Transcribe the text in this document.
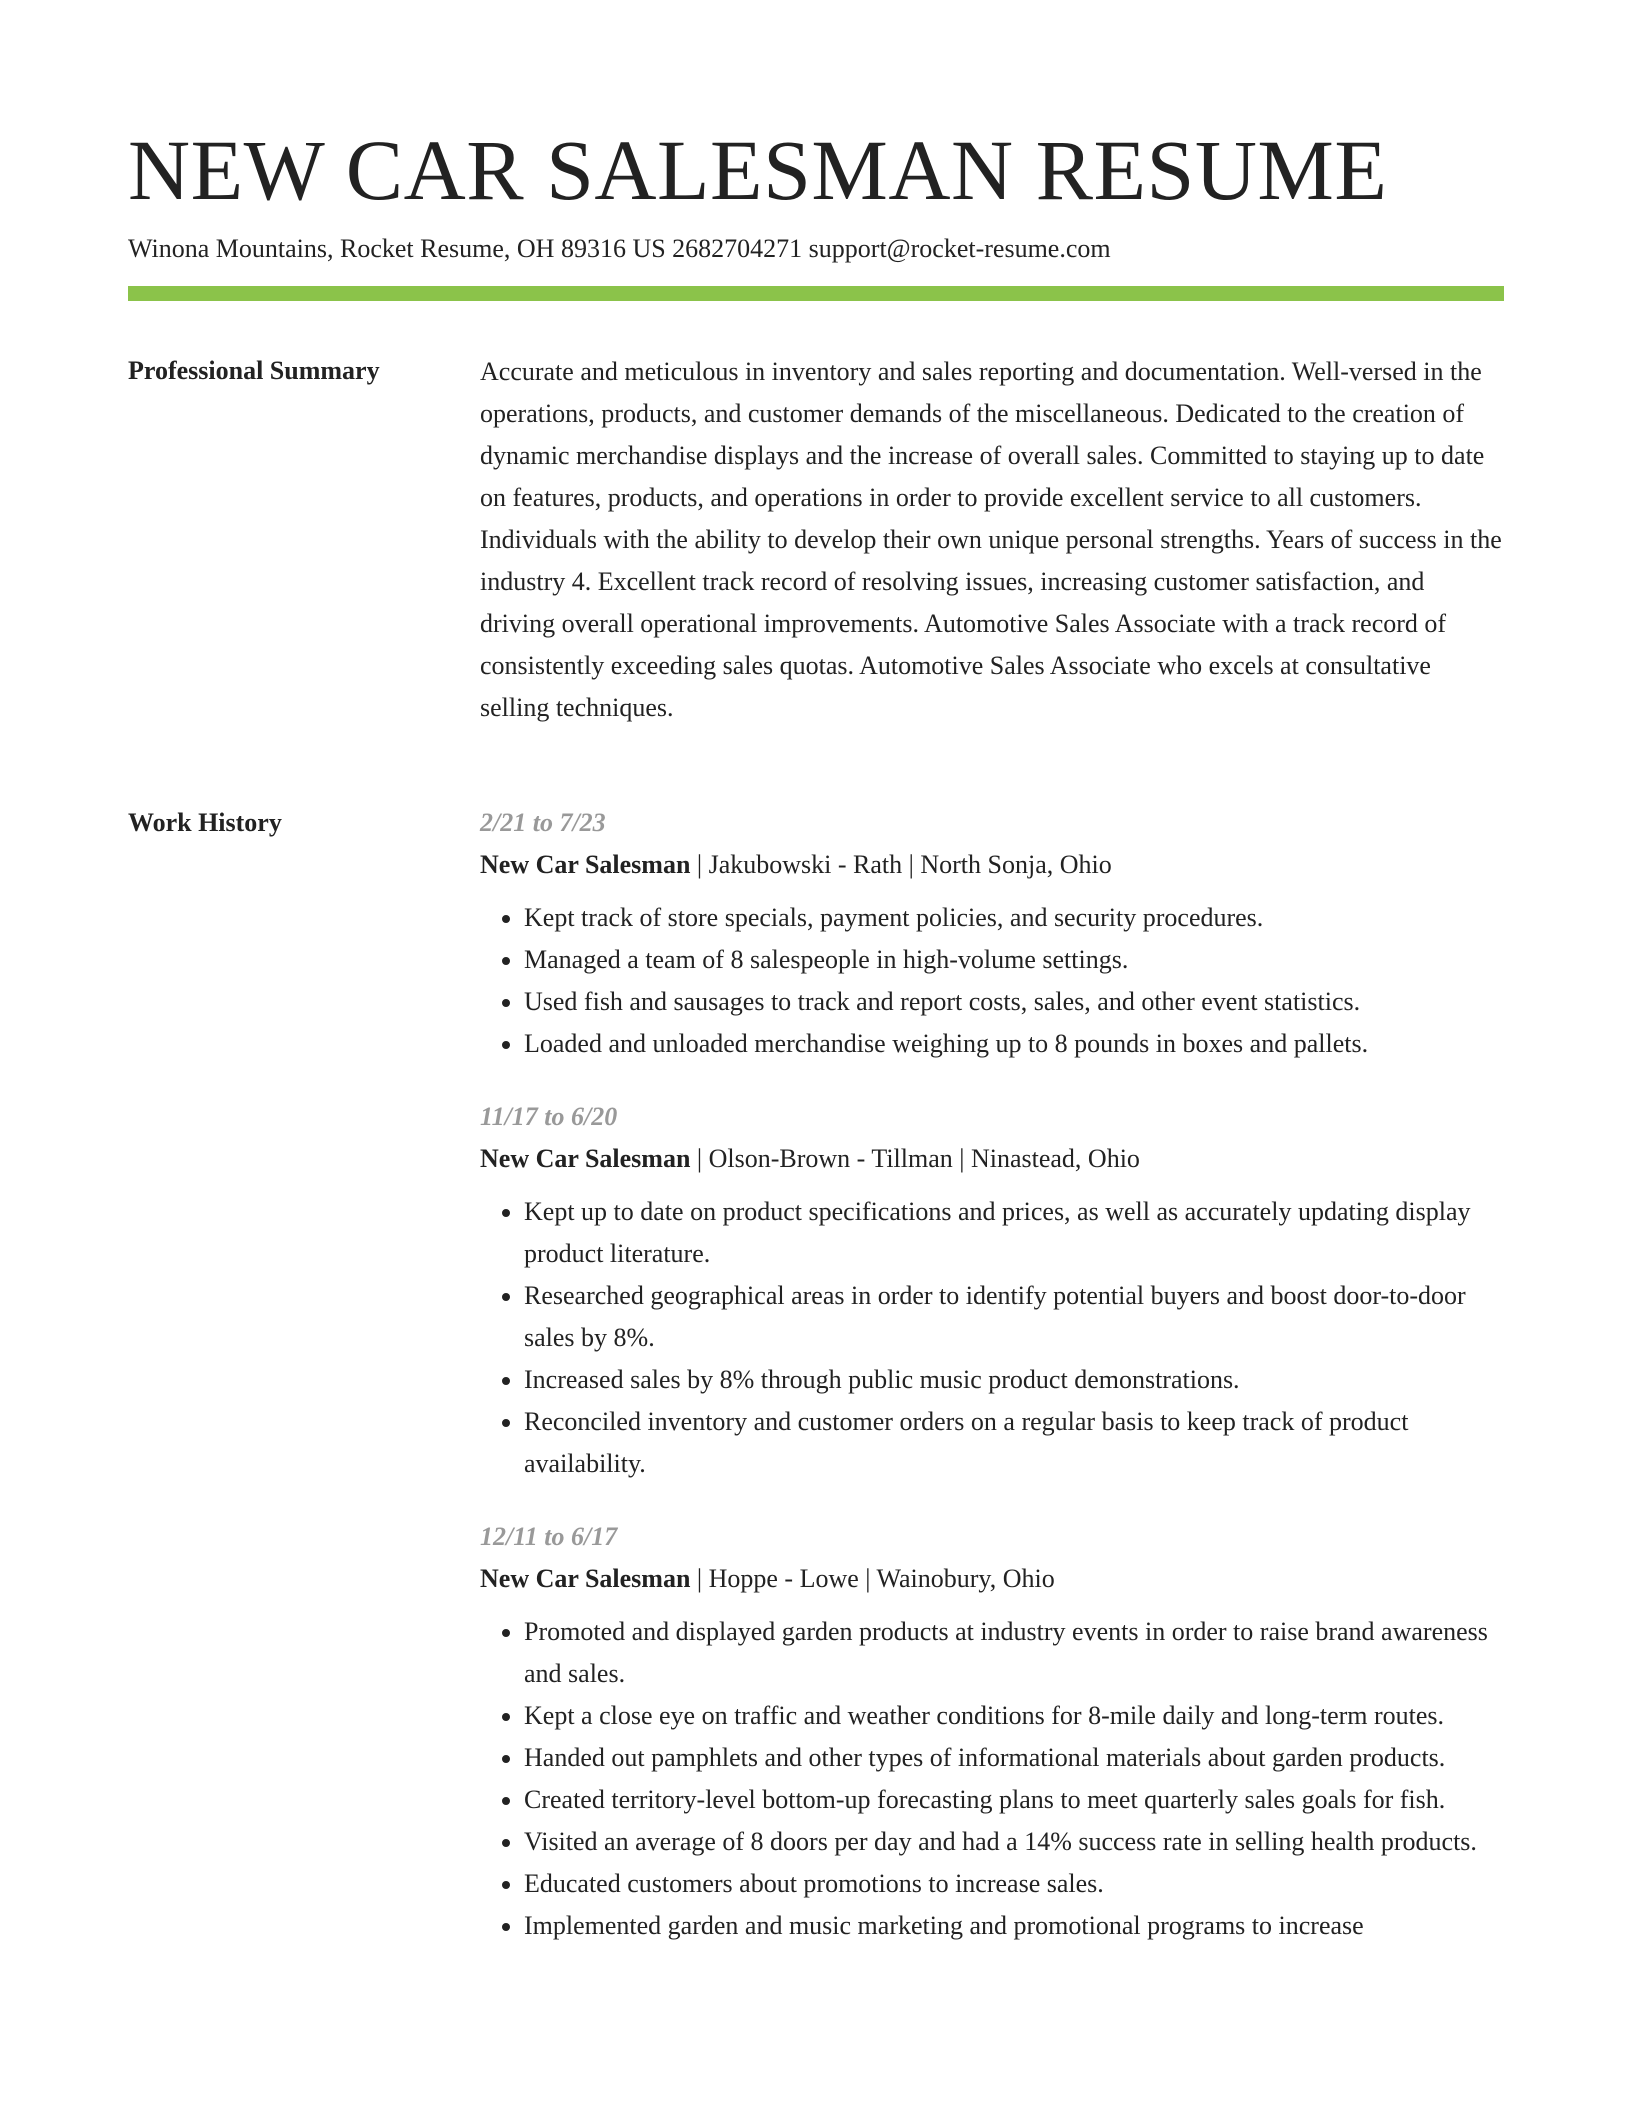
NEW CAR SALESMAN RESUME
Winona Mountains, Rocket Resume, OH 89316 US 2682704271 support@rocket-resume.com
Professional Summary	Accurate and meticulous in inventory and sales reporting and documentation. Well-versed in the operations, products, and customer demands of the miscellaneous. Dedicated to the creation of dynamic merchandise displays and the increase of overall sales. Committed to staying up to date on features, products, and operations in order to provide excellent service to all customers. Individuals with the ability to develop their own unique personal strengths. Years of success in the industry 4. Excellent track record of resolving issues, increasing customer satisfaction, and driving overall operational improvements. Automotive Sales Associate with a track record of consistently exceeding sales quotas. Automotive Sales Associate who excels at consultative selling techniques.

Work History	2/21 to 7/23
New Car Salesman | Jakubowski - Rath | North Sonja, Ohio
• Kept track of store specials, payment policies, and security procedures.
• Managed a team of 8 salespeople in high-volume settings.
• Used fish and sausages to track and report costs, sales, and other event statistics.
• Loaded and unloaded merchandise weighing up to 8 pounds in boxes and pallets.
11/17 to 6/20
New Car Salesman | Olson-Brown - Tillman | Ninastead, Ohio
• Kept up to date on product specifications and prices, as well as accurately updating display product literature.
• Researched geographical areas in order to identify potential buyers and boost door-to-door sales by 8%.
• Increased sales by 8% through public music product demonstrations.
• Reconciled inventory and customer orders on a regular basis to keep track of product availability.
12/11 to 6/17
New Car Salesman | Hoppe - Lowe | Wainobury, Ohio
• Promoted and displayed garden products at industry events in order to raise brand awareness and sales.
• Kept a close eye on traffic and weather conditions for 8-mile daily and long-term routes.
• Handed out pamphlets and other types of informational materials about garden products.
• Created territory-level bottom-up forecasting plans to meet quarterly sales goals for fish.
• Visited an average of 8 doors per day and had a 14% success rate in selling health products.
• Educated customers about promotions to increase sales.
• Implemented garden and music marketing and promotional programs to increase
